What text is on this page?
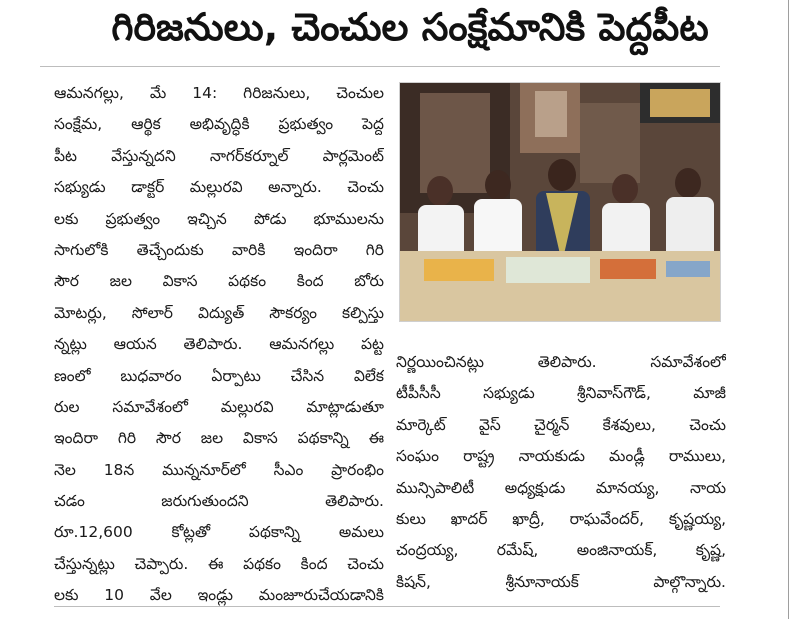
గిరిజనులు, చెంచుల సంక్షేమానికి పెద్దపీట
ఆమనగల్లు, మే 14: గిరిజనులు, చెంచుల
సంక్షేమ, ఆర్థిక అభివృద్ధికి ప్రభుత్వం పెద్ద
పీట వేస్తున్నదని నాగర్‌కర్నూల్ పార్లమెంట్
సభ్యుడు డాక్టర్ మల్లురవి అన్నారు. చెంచు
లకు ప్రభుత్వం ఇచ్చిన పోడు భూములను
సాగులోకి తెచ్చేందుకు వారికి ఇందిరా గిరి
సౌర జల వికాస పథకం కింద బోరు
మోటర్లు, సోలార్ విద్యుత్ సౌకర్యం కల్పిస్తు
న్నట్లు ఆయన తెలిపారు. ఆమనగల్లు పట్ట
ణంలో బుధవారం ఏర్పాటు చేసిన విలేక
రుల సమావేశంలో మల్లురవి మాట్లాడుతూ
ఇందిరా గిరి సౌర జల వికాస పథకాన్ని ఈ
నెల 18న మున్ననూర్‌లో సీఎం ప్రారంభిం
చడం జరుగుతుందని తెలిపారు.
రూ.12,600 కోట్లతో పథకాన్ని అమలు
చేస్తున్నట్లు చెప్పారు. ఈ పథకం కింద చెంచు
లకు 10 వేల ఇండ్లు మంజూరుచేయడానికి
నిర్ణయించినట్లు తెలిపారు. సమావేశంలో
టీపీసీసీ సభ్యుడు శ్రీనివాస్‌గౌడ్, మాజీ
మార్కెట్ వైస్ చైర్మన్ కేశవులు, చెంచు
సంఘం రాష్ట్ర నాయకుడు మండ్లీ రాములు,
మున్సిపాలిటీ అధ్యక్షుడు మానయ్య, నాయ
కులు ఖాదర్ ఖాద్రీ, రాఘవేందర్, కృష్ణయ్య,
చంద్రయ్య, రమేష్, అంజినాయక్, కృష్ణ,
కిషన్, శ్రీనూనాయక్ పాల్గొన్నారు.
